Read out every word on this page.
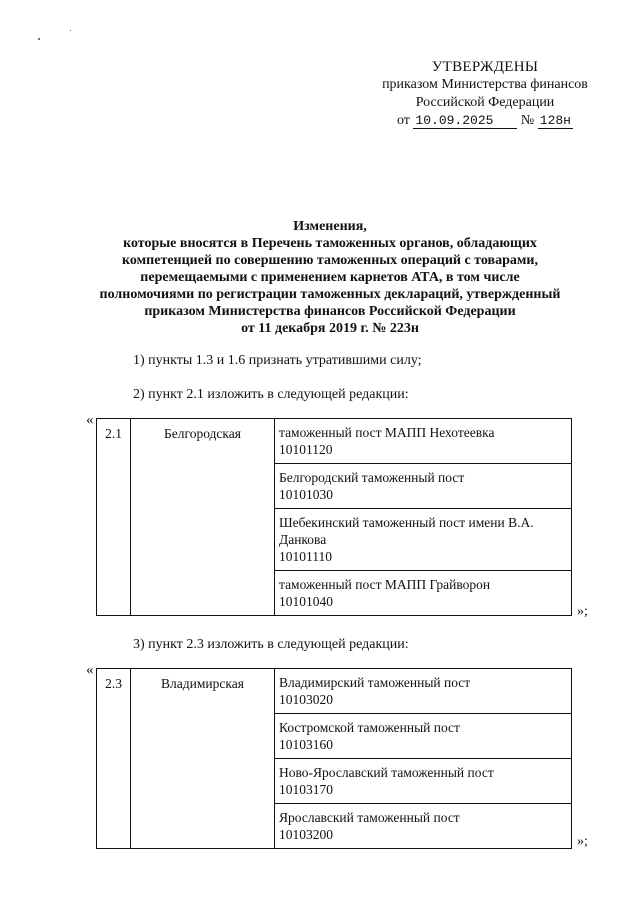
УТВЕРЖДЕНЫ
приказом Министерства финансов
Российской Федерации
от 10.09.2025 № 128н
Изменения,
которые вносятся в Перечень таможенных органов, обладающих
компетенцией по совершению таможенных операций с товарами,
перемещаемыми с применением карнетов АТА, в том числе
полномочиями по регистрации таможенных деклараций, утвержденный
приказом Министерства финансов Российской Федерации
от 11 декабря 2019 г. № 223н
1) пункты 1.3 и 1.6 признать утратившими силу;
2) пункт 2.1 изложить в следующей редакции:
«
2.1	Белгородская	таможенный пост МАПП Нехотеевка
10101120

Белгородский таможенный пост
10101030

Шебекинский таможенный пост имени В.А. Данкова
10101110

таможенный пост МАПП Грайворон
10101040
»;
3) пункт 2.3 изложить в следующей редакции:
«
2.3	Владимирская	Владимирский таможенный пост
10103020

Костромской таможенный пост
10103160

Ново-Ярославский таможенный пост
10103170

Ярославский таможенный пост
10103200	»;
